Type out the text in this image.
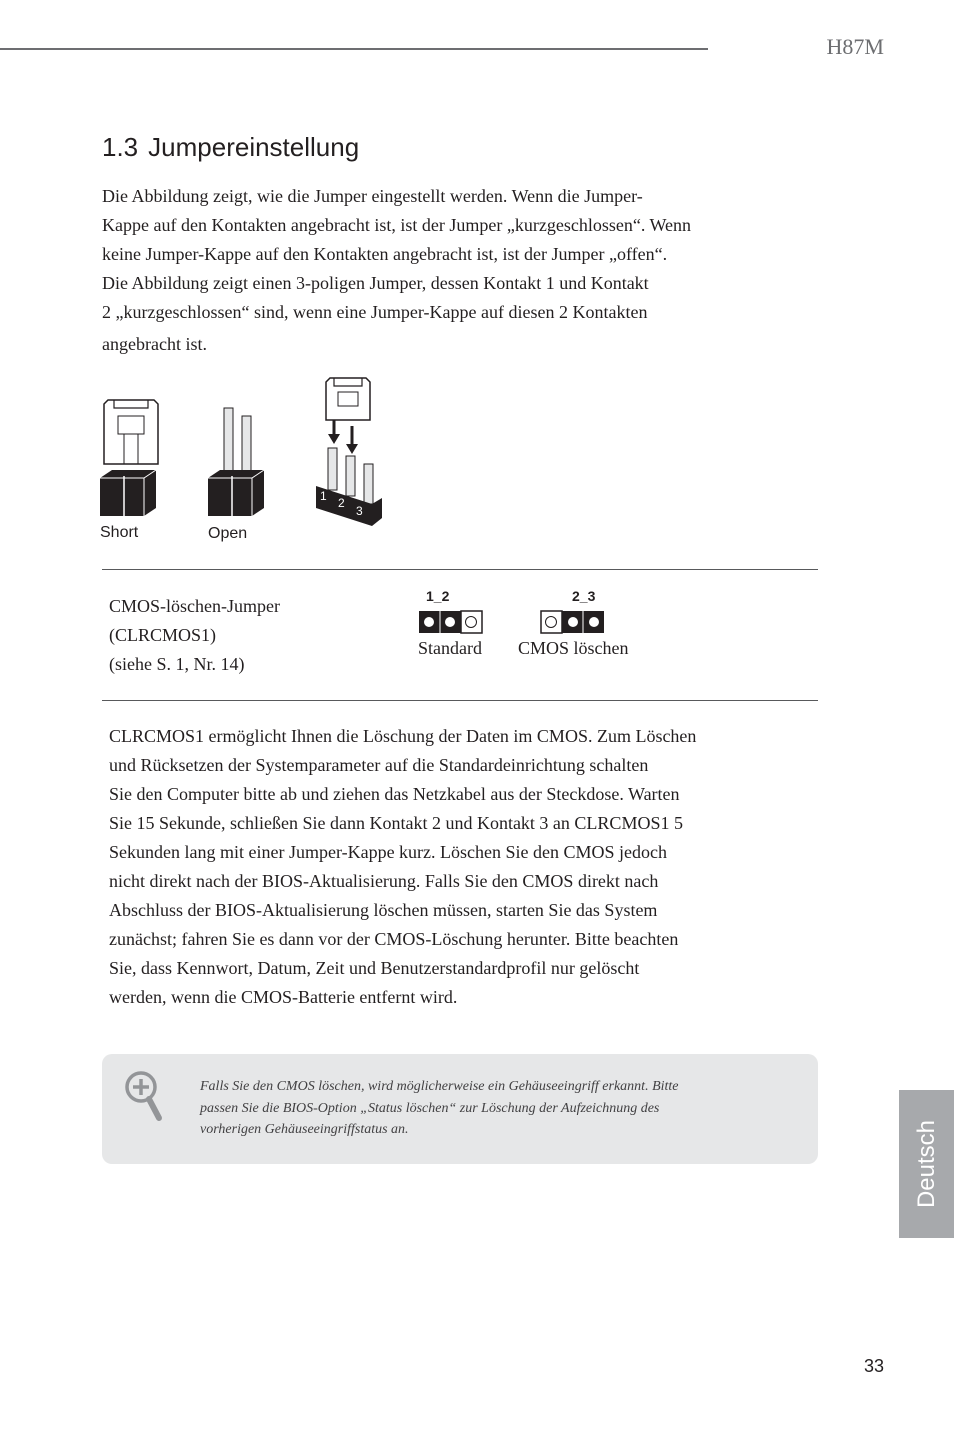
H87M
1.3 Jumpereinstellung

Die Abbildung zeigt, wie die Jumper eingestellt werden. Wenn die Jumper-
Kappe auf den Kontakten angebracht ist, ist der Jumper „kurzgeschlossen“. Wenn
keine Jumper-Kappe auf den Kontakten angebracht ist, ist der Jumper „offen“.
Die Abbildung zeigt einen 3-poligen Jumper, dessen Kontakt 1 und Kontakt
2 „kurzgeschlossen“ sind, wenn eine Jumper-Kappe auf diesen 2 Kontakten
angebracht ist.

1 2
3
Short	Open
CMOS-löschen-Jumper
(CLRCMOS1)
(siehe S. 1, Nr. 14)
1_2
Standard
2_3
CMOS löschen

CLRCMOS1 ermöglicht Ihnen die Löschung der Daten im CMOS. Zum Löschen
und Rücksetzen der Systemparameter auf die Standardeinrichtung schalten
Sie den Computer bitte ab und ziehen das Netzkabel aus der Steckdose. Warten
Sie 15 Sekunde, schließen Sie dann Kontakt 2 und Kontakt 3 an CLRCMOS1 5
Sekunden lang mit einer Jumper-Kappe kurz. Löschen Sie den CMOS jedoch
nicht direkt nach der BIOS-Aktualisierung. Falls Sie den CMOS direkt nach
Abschluss der BIOS-Aktualisierung löschen müssen, starten Sie das System
zunächst; fahren Sie es dann vor der CMOS-Löschung herunter. Bitte beachten
Sie, dass Kennwort, Datum, Zeit und Benutzerstandardprofil nur gelöscht
werden, wenn die CMOS-Batterie entfernt wird.

Falls Sie den CMOS löschen, wird möglicherweise ein Gehäuseeingriff erkannt. Bitte
passen Sie die BIOS-Option „Status löschen“ zur Löschung der Aufzeichnung des
vorherigen Gehäuseeingriffstatus an.	Deutsch
33
